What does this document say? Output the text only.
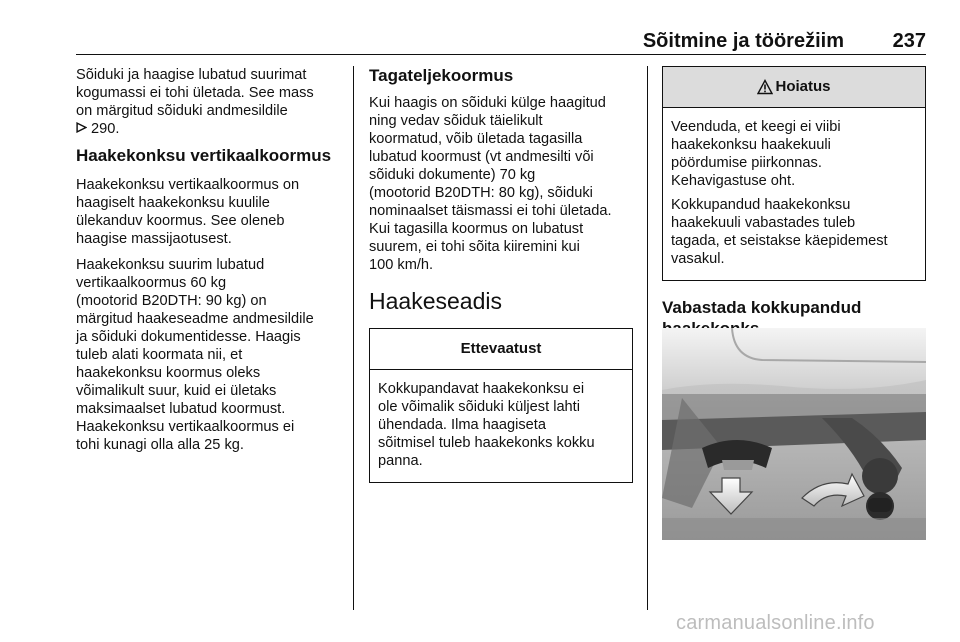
Sõitmine ja töörežiim 237

Sõiduki ja haagise lubatud suurimat
kogumassi ei tohi ületada. See mass
on märgitud sõiduki andmesildile
290.

Haakekonksu vertikaalkoormus

Haakekonksu vertikaalkoormus on
haagiselt haakekonksu kuulile
ülekanduv koormus. See oleneb
haagise massijaotusest.

Haakekonksu suurim lubatud
vertikaalkoormus 60 kg
(mootorid B20DTH: 90 kg) on
märgitud haakeseadme andmesildile
ja sõiduki dokumentidesse. Haagis
tuleb alati koormata nii, et
haakekonksu koormus oleks
võimalikult suur, kuid ei ületaks
maksimaalset lubatud koormust.
Haakekonksu vertikaalkoormus ei
tohi kunagi olla alla 25 kg.

Tagateljekoormus

Kui haagis on sõiduki külge haagitud
ning vedav sõiduk täielikult
koormatud, võib ületada tagasilla
lubatud koormust (vt andmesilti või
sõiduki dokumente) 70 kg
(mootorid B20DTH: 80 kg), sõiduki
nominaalset täismassi ei tohi ületada.
Kui tagasilla koormus on lubatust
suurem, ei tohi sõita kiiremini kui
100 km/h.

Haakeseadis
Ettevaatust

Kokkupandavat haakekonksu ei
ole võimalik sõiduki küljest lahti
ühendada. Ilma haagiseta
sõitmisel tuleb haakekonks kokku
panna.

Hoiatus

Veenduda, et keegi ei viibi
haakekonksu haakekuuli
pöördumise piirkonnas.
Kehavigastuse oht.

Kokkupandud haakekonksu
haakekuuli vabastades tuleb
tagada, et seistakse käepidemest
vasakul.

Vabastada kokkupandud
carmanualsonline.info
